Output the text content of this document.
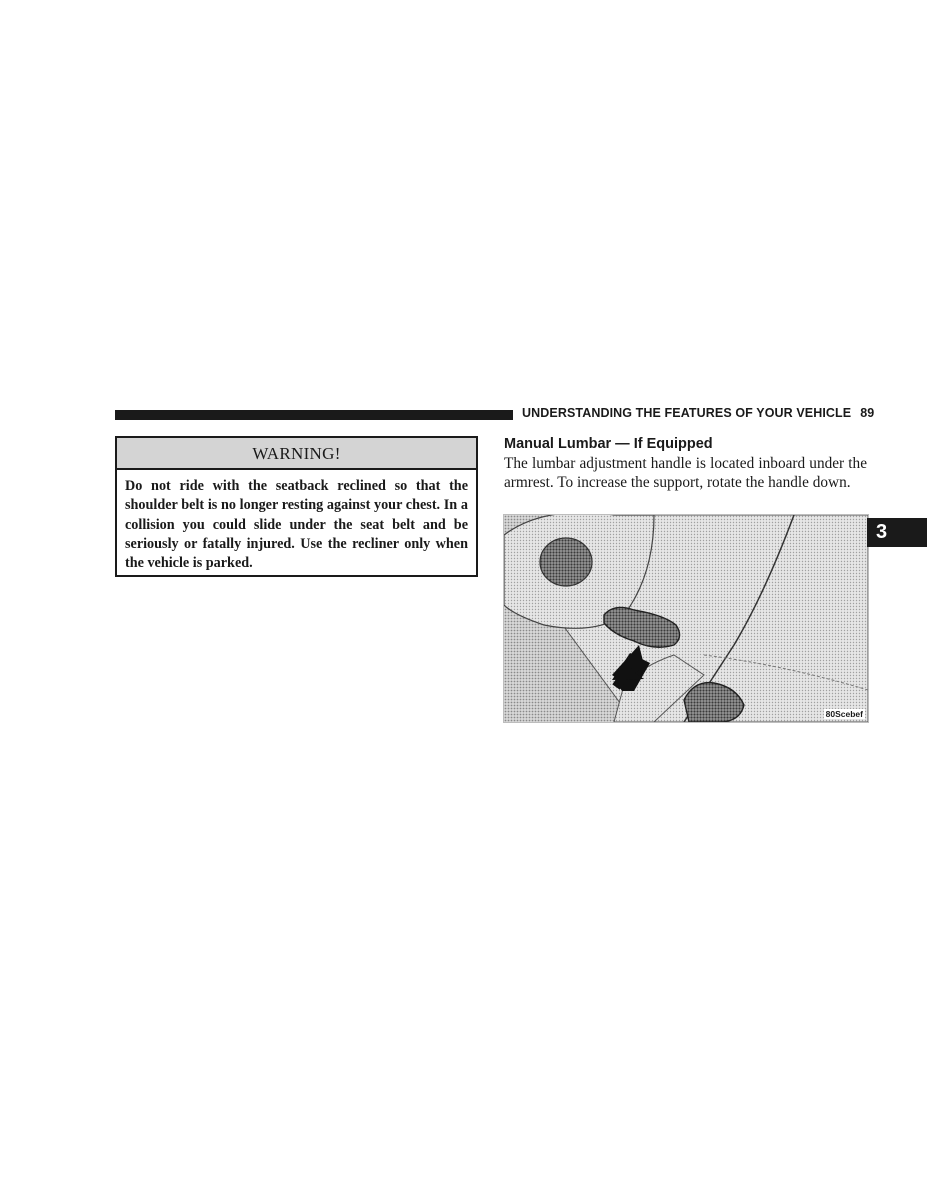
UNDERSTANDING THE FEATURES OF YOUR VEHICLE 89
WARNING!
Do not ride with the seatback reclined so that the shoulder belt is no longer resting against your chest. In a collision you could slide under the seat belt and be seriously or fatally injured. Use the recliner only when the vehicle is parked.
Manual Lumbar — If Equipped
The lumbar adjustment handle is located inboard under the armrest. To increase the support, rotate the handle down.
80Scebef
3
